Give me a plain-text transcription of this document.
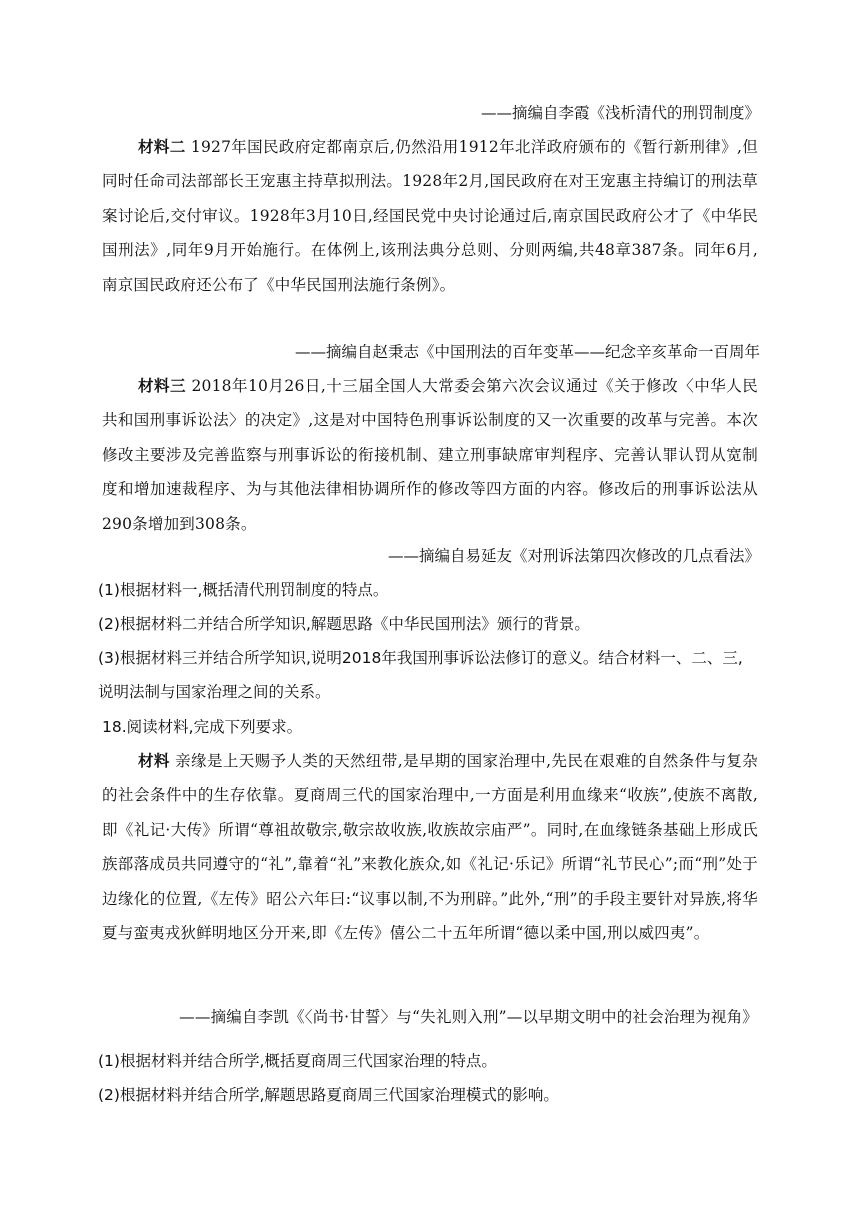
——摘编自李霞《浅析清代的刑罚制度》
材料二 1927年国民政府定都南京后,仍然沿用1912年北洋政府颁布的《暂行新刑律》,但同时任命司法部部长王宠惠主持草拟刑法。1928年2月,国民政府在对王宠惠主持编订的刑法草案讨论后,交付审议。1928年3月10日,经国民党中央讨论通过后,南京国民政府公才了《中华民国刑法》,同年9月开始施行。在体例上,该刑法典分总则、分则两编,共48章387条。同年6月,南京国民政府还公布了《中华民国刑法施行条例》。
——摘编自赵秉志《中国刑法的百年变革——纪念辛亥革命一百周年
材料三 2018年10月26日,十三届全国人大常委会第六次会议通过《关于修改〈中华人民共和国刑事诉讼法〉的决定》,这是对中国特色刑事诉讼制度的又一次重要的改革与完善。本次修改主要涉及完善监察与刑事诉讼的衔接机制、建立刑事缺席审判程序、完善认罪认罚从宽制度和增加速裁程序、为与其他法律相协调所作的修改等四方面的内容。修改后的刑事诉讼法从290条增加到308条。
——摘编自易延友《对刑诉法第四次修改的几点看法》
(1)根据材料一,概括清代刑罚制度的特点。
(2)根据材料二并结合所学知识,解题思路《中华民国刑法》颁行的背景。
(3)根据材料三并结合所学知识,说明2018年我国刑事诉讼法修订的意义。结合材料一、二、三,说明法制与国家治理之间的关系。
18.阅读材料,完成下列要求。
材料 亲缘是上天赐予人类的天然纽带,是早期的国家治理中,先民在艰难的自然条件与复杂的社会条件中的生存依靠。夏商周三代的国家治理中,一方面是利用血缘来“收族”,使族不离散,即《礼记·大传》所谓“尊祖故敬宗,敬宗故收族,收族故宗庙严”。同时,在血缘链条基础上形成氏族部落成员共同遵守的“礼”,靠着“礼”来教化族众,如《礼记·乐记》所谓“礼节民心”;而“刑”处于边缘化的位置,《左传》昭公六年曰:“议事以制,不为刑辟。”此外,“刑”的手段主要针对异族,将华夏与蛮夷戎狄鲜明地区分开来,即《左传》僖公二十五年所谓“德以柔中国,刑以威四夷”。
——摘编自李凯《〈尚书·甘誓〉与“失礼则入刑”—以早期文明中的社会治理为视角》
(1)根据材料并结合所学,概括夏商周三代国家治理的特点。
(2)根据材料并结合所学,解题思路夏商周三代国家治理模式的影响。
